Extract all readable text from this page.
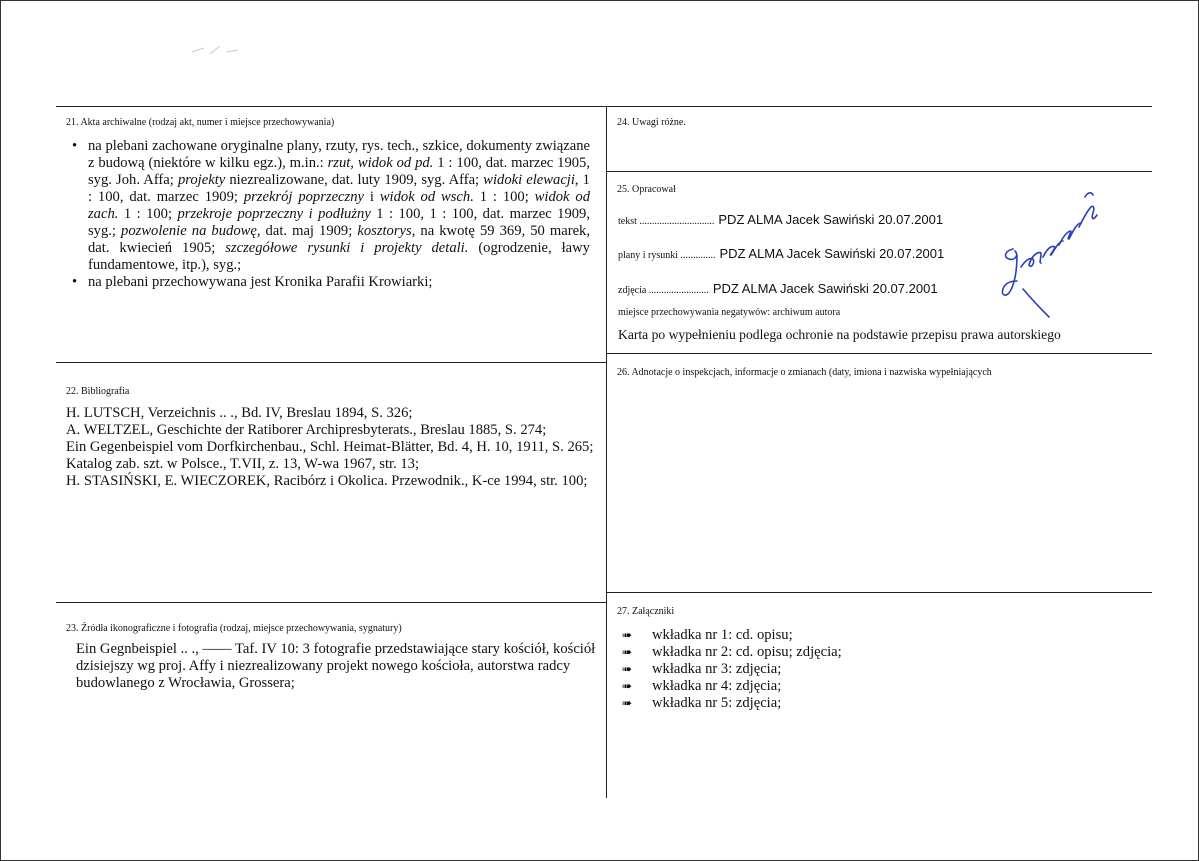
21. Akta archiwalne (rodzaj akt, numer i miejsce przechowywania)
• na plebani zachowane oryginalne plany, rzuty, rys. tech., szkice, dokumenty związane z budową (niektóre w kilku egz.), m.in.: rzut, widok od pd. 1 : 100, dat. marzec 1905, syg. Joh. Affa; projekty niezrealizowane, dat. luty 1909, syg. Affa; widoki elewacji, 1 : 100, dat. marzec 1909; przekrój poprzeczny i widok od wsch. 1 : 100; widok od zach. 1 : 100; przekroje poprzeczny i podłużny 1 : 100, 1 : 100, dat. marzec 1909, syg.; pozwolenie na budowę, dat. maj 1909; kosztorys, na kwotę 59 369, 50 marek, dat. kwiecień 1905; szczegółowe rysunki i projekty detali. (ogrodzenie, ławy fundamentowe, itp.), syg.;
• na plebani przechowywana jest Kronika Parafii Krowiarki;
22. Bibliografia
H. LUTSCH, Verzeichnis .. ., Bd. IV, Breslau 1894, S. 326;
A. WELTZEL, Geschichte der Ratiborer Archipresbyterats., Breslau 1885, S. 274;
Ein Gegenbeispiel vom Dorfkirchenbau., Schl. Heimat-Blätter, Bd. 4, H. 10, 1911, S. 265;
Katalog zab. szt. w Polsce., T.VII, z. 13, W-wa 1967, str. 13;
H. STASIŃSKI, E. WIECZOREK, Racibórz i Okolica. Przewodnik., K-ce 1994, str. 100;
23. Źródła ikonograficzne i fotografia (rodzaj, miejsce przechowywania, sygnatury)
Ein Gegnbeispiel .. ., —— Taf. IV 10: 3 fotografie przedstawiające stary kościół, kościół dzisiejszy wg proj. Affy i niezrealizowany projekt nowego kościoła, autorstwa radcy budowlanego z Wrocławia, Grossera;
24. Uwagi różne.
25. Opracował
tekst .............................. PDZ ALMA Jacek Sawiński 20.07.2001
plany i rysunki .............. PDZ ALMA Jacek Sawiński 20.07.2001
zdjęcia ........................ PDZ ALMA Jacek Sawiński 20.07.2001
miejsce przechowywania negatywów: archiwum autora
Karta po wypełnieniu podlega ochronie na podstawie przepisu prawa autorskiego
26. Adnotacje o inspekcjach, informacje o zmianach (daty, imiona i nazwiska wypełniających
27. Załączniki
➠ wkładka nr 1: cd. opisu;
➠ wkładka nr 2: cd. opisu; zdjęcia;
➠ wkładka nr 3: zdjęcia;
➠ wkładka nr 4: zdjęcia;
➠ wkładka nr 5: zdjęcia;
